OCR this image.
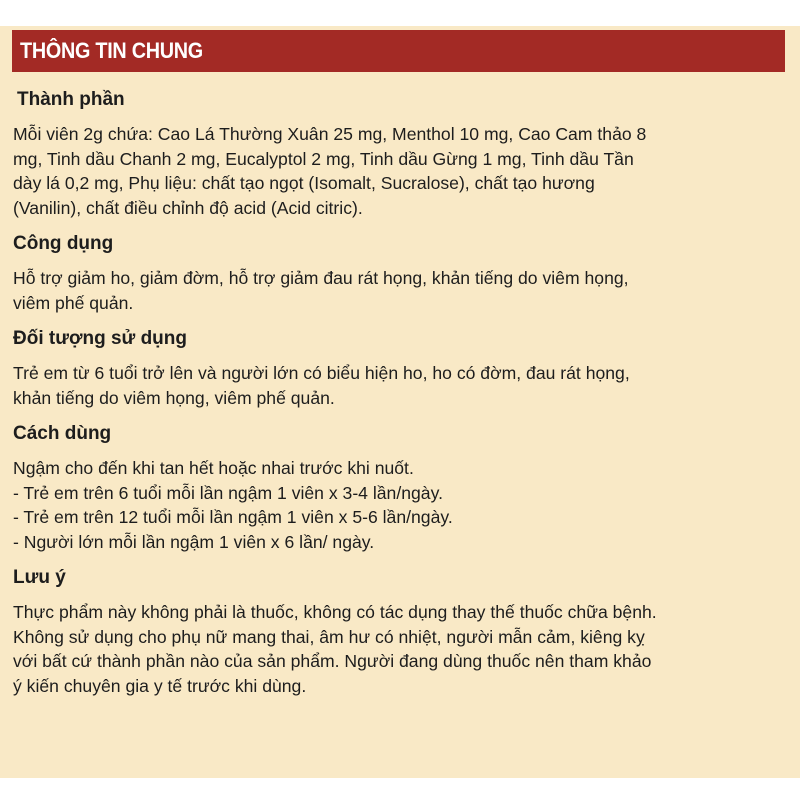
THÔNG TIN CHUNG
Thành phần
Mỗi viên 2g chứa: Cao Lá Thường Xuân 25 mg, Menthol 10 mg, Cao Cam thảo 8
mg, Tinh dầu Chanh 2 mg, Eucalyptol 2 mg, Tinh dầu Gừng 1 mg, Tinh dầu Tần
dày lá 0,2 mg, Phụ liệu: chất tạo ngọt (Isomalt, Sucralose), chất tạo hương
(Vanilin), chất điều chỉnh độ acid (Acid citric).
Công dụng
Hỗ trợ giảm ho, giảm đờm, hỗ trợ giảm đau rát họng, khản tiếng do viêm họng,
viêm phế quản.
Đối tượng sử dụng
Trẻ em từ 6 tuổi trở lên và người lớn có biểu hiện ho, ho có đờm, đau rát họng,
khản tiếng do viêm họng, viêm phế quản.
Cách dùng
Ngậm cho đến khi tan hết hoặc nhai trước khi nuốt.
- Trẻ em trên 6 tuổi mỗi lần ngậm 1 viên x 3-4 lần/ngày.
- Trẻ em trên 12 tuổi mỗi lần ngậm 1 viên x 5-6 lần/ngày.
- Người lớn mỗi lần ngậm 1 viên x 6 lần/ ngày.
Lưu ý
Thực phẩm này không phải là thuốc, không có tác dụng thay thế thuốc chữa bệnh.
Không sử dụng cho phụ nữ mang thai, âm hư có nhiệt, người mẫn cảm, kiêng kỵ
với bất cứ thành phần nào của sản phẩm. Người đang dùng thuốc nên tham khảo
ý kiến chuyên gia y tế trước khi dùng.
